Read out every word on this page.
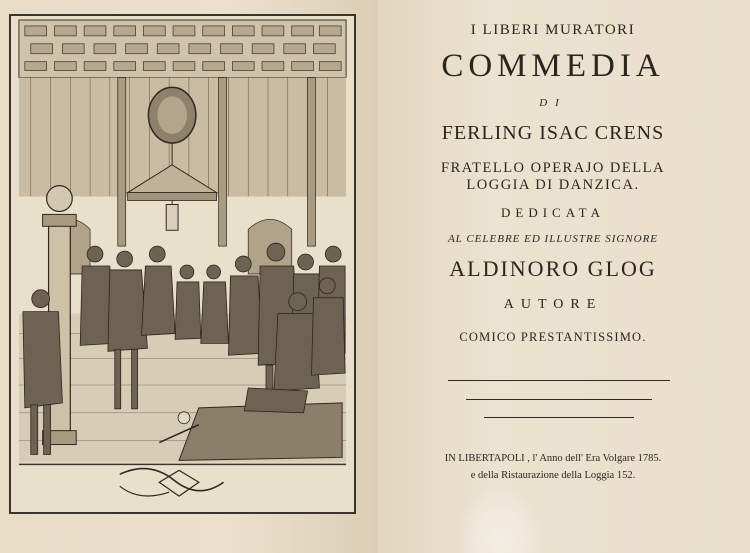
I LIBERI MURATORI
COMMEDIA
DI
FERLING ISAC CRENS
FRATELLO OPERAJO DELLA
LOGGIA DI DANZICA.
DEDICATA
AL CELEBRE ED ILLUSTRE SIGNORE
ALDINORO GLOG
AUTORE
COMICO PRESTANTISSIMO.
IN LIBERTAPOLI , l' Anno dell' Era Volgare 1785.
e della Ristaurazione della Loggia 152.
